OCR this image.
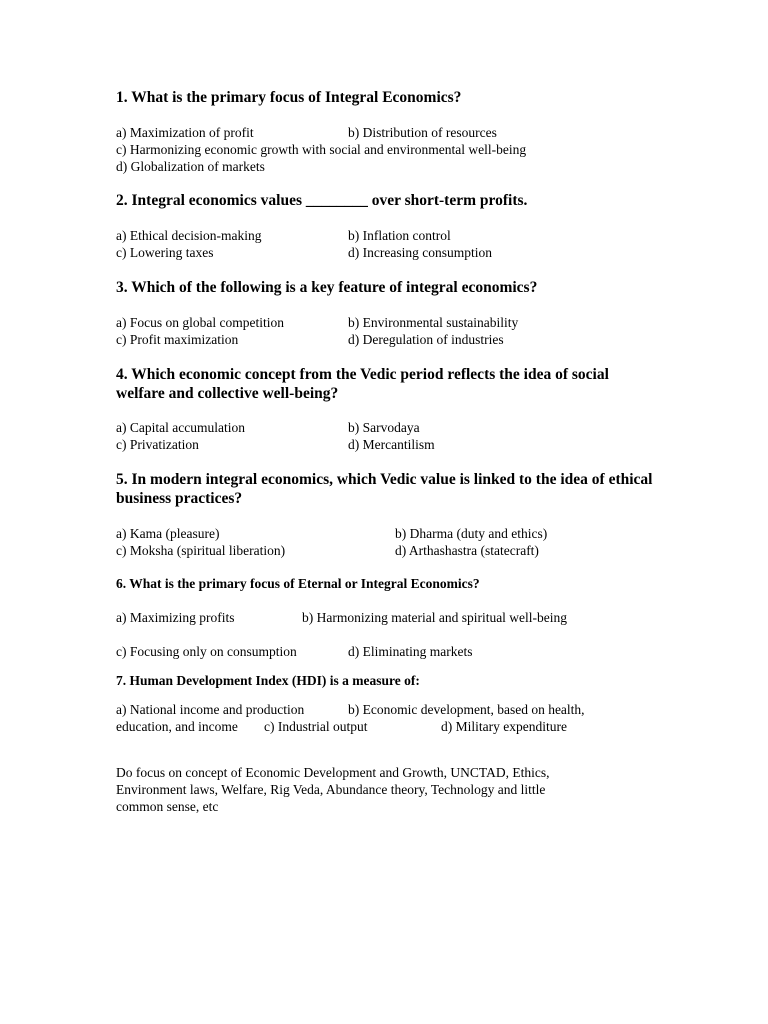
1. What is the primary focus of Integral Economics?

a) Maximization of profit	b) Distribution of resources
c) Harmonizing economic growth with social and environmental well-being
d) Globalization of markets

2. Integral economics values ________ over short-term profits.

a) Ethical decision-making	b) Inflation control
c) Lowering taxes	d) Increasing consumption

3. Which of the following is a key feature of integral economics?

a) Focus on global competition	b) Environmental sustainability
c) Profit maximization	d) Deregulation of industries

4. Which economic concept from the Vedic period reflects the idea of social welfare and collective well-being?

a) Capital accumulation	b) Sarvodaya
c) Privatization	d) Mercantilism

5. In modern integral economics, which Vedic value is linked to the idea of ethical business practices?

a) Kama (pleasure)	b) Dharma (duty and ethics)
c) Moksha (spiritual liberation)	d) Arthashastra (statecraft)

6. What is the primary focus of Eternal or Integral Economics?

a) Maximizing profits	b) Harmonizing material and spiritual well-being
c) Focusing only on consumption	d) Eliminating markets

7. Human Development Index (HDI) is a measure of:

a) National income and production	b) Economic development, based on health,
education, and income c) Industrial output	d) Military expenditure
Do focus on concept of Economic Development and Growth, UNCTAD, Ethics,
Environment laws, Welfare, Rig Veda, Abundance theory, Technology and little
common sense, etc
